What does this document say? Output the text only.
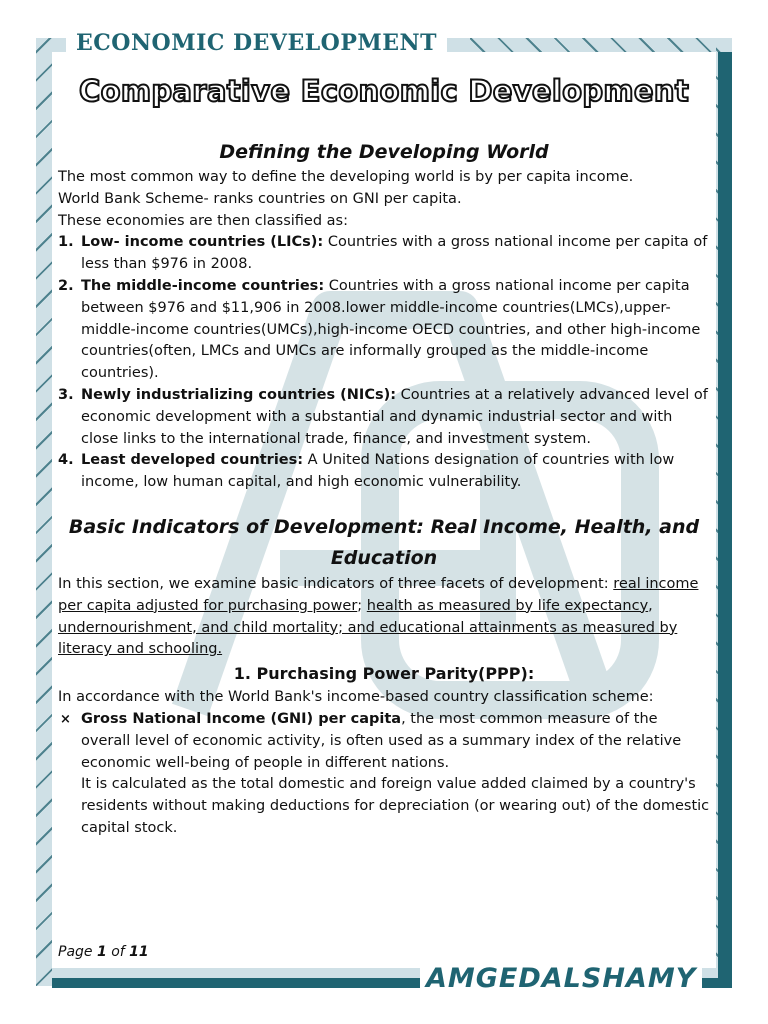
ECONOMIC DEVELOPMENT
Comparative Economic Development
Defining the Developing World

The most common way to define the developing world is by per capita income.

World Bank Scheme- ranks countries on GNI per capita.

These economies are then classified as:

1. Low- income countries (LICs): Countries with a gross national income per capita of less than $976 in 2008.
2. The middle-income countries: Countries with a gross national income per capita between $976 and $11,906 in 2008.lower middle-income countries(LMCs),upper-middle-income countries(UMCs),high-income OECD countries, and other high-income countries(often, LMCs and UMCs are informally grouped as the middle-income countries).
3. Newly industrializing countries (NICs): Countries at a relatively advanced level of economic development with a substantial and dynamic industrial sector and with close links to the international trade, finance, and investment system.
4. Least developed countries: A United Nations designation of countries with low income, low human capital, and high economic vulnerability.
Basic Indicators of Development: Real Income, Health, and Education

In this section, we examine basic indicators of three facets of development: real income per capita adjusted for purchasing power; health as measured by life expectancy, undernourishment, and child mortality; and educational attainments as measured by literacy and schooling.

1. Purchasing Power Parity(PPP):

In accordance with the World Bank's income-based country classification scheme:

× Gross National Income (GNI) per capita, the most common measure of the overall level of economic activity, is often used as a summary index of the relative economic well-being of people in different nations.
It is calculated as the total domestic and foreign value added claimed by a country's residents without making deductions for depreciation (or wearing out) of the domestic capital stock.
Page 1 of 11
AMGEDALSHAMY
